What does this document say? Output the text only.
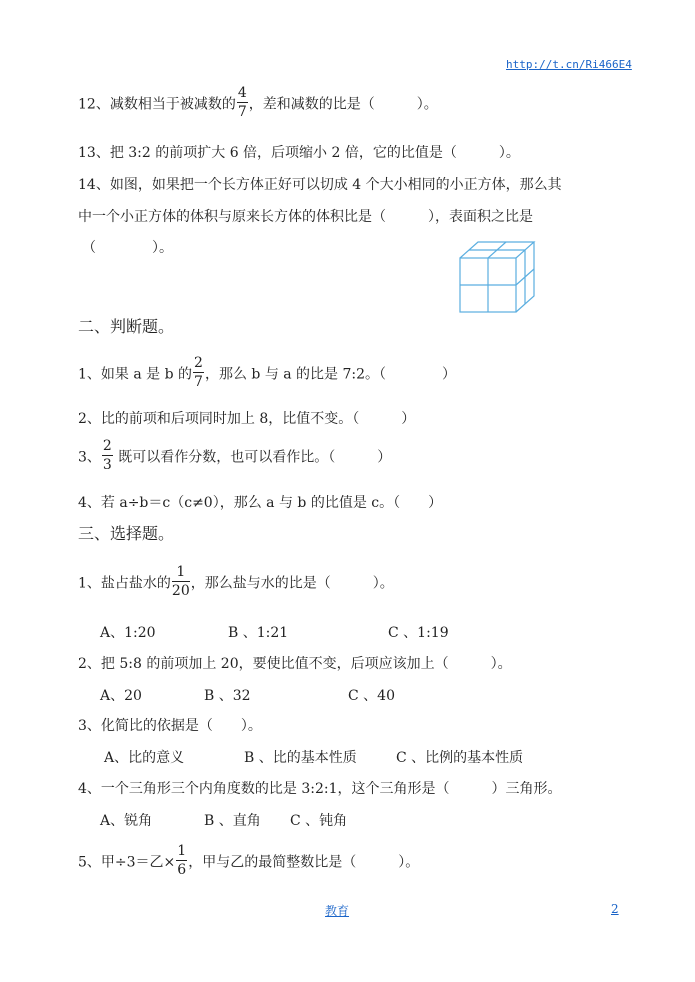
http://t.cn/Ri466E4
12、减数相当于被减数的 $\frac{4}{7}$ ，差和减数的比是（　　　）。
13、把 3:2 的前项扩大 6 倍，后项缩小 2 倍，它的比值是（　　　）。
14、如图，如果把一个长方体正好可以切成 4 个大小相同的小正方体，那么其
中一个小正方体的体积与原来长方体的体积比是（　　　），表面积之比是
（　　　　）。
二、判断题。
1、如果 a 是 b 的 $\frac{2}{7}$ ，那么 b 与 a 的比是 7:2。（　　　　）
2、比的前项和后项同时加上 8，比值不变。（　　　）
3、 $\frac{2}{3}$ 既可以看作分数，也可以看作比。（　　　）
4、若 a÷b＝c（c≠0），那么 a 与 b 的比值是 c。（　　）
三、选择题。
1、盐占盐水的 $\frac{1}{20}$ ，那么盐与水的比是（　　　）。
A、1:20	B 、1:21	C 、1:19
2、把 5:8 的前项加上 20，要使比值不变，后项应该加上（　　　）。
A、20	B 、32	C 、40
3、化简比的依据是（　　）。
A、比的意义	B 、比的基本性质	C 、比例的基本性质
4、一个三角形三个内角度数的比是 3:2:1，这个三角形是（　　　）三角形。
A、锐角	B 、直角 C 、钝角
5、甲÷3＝乙× $\frac{1}{6}$ ，甲与乙的最简整数比是（　　　）。
教育	2
